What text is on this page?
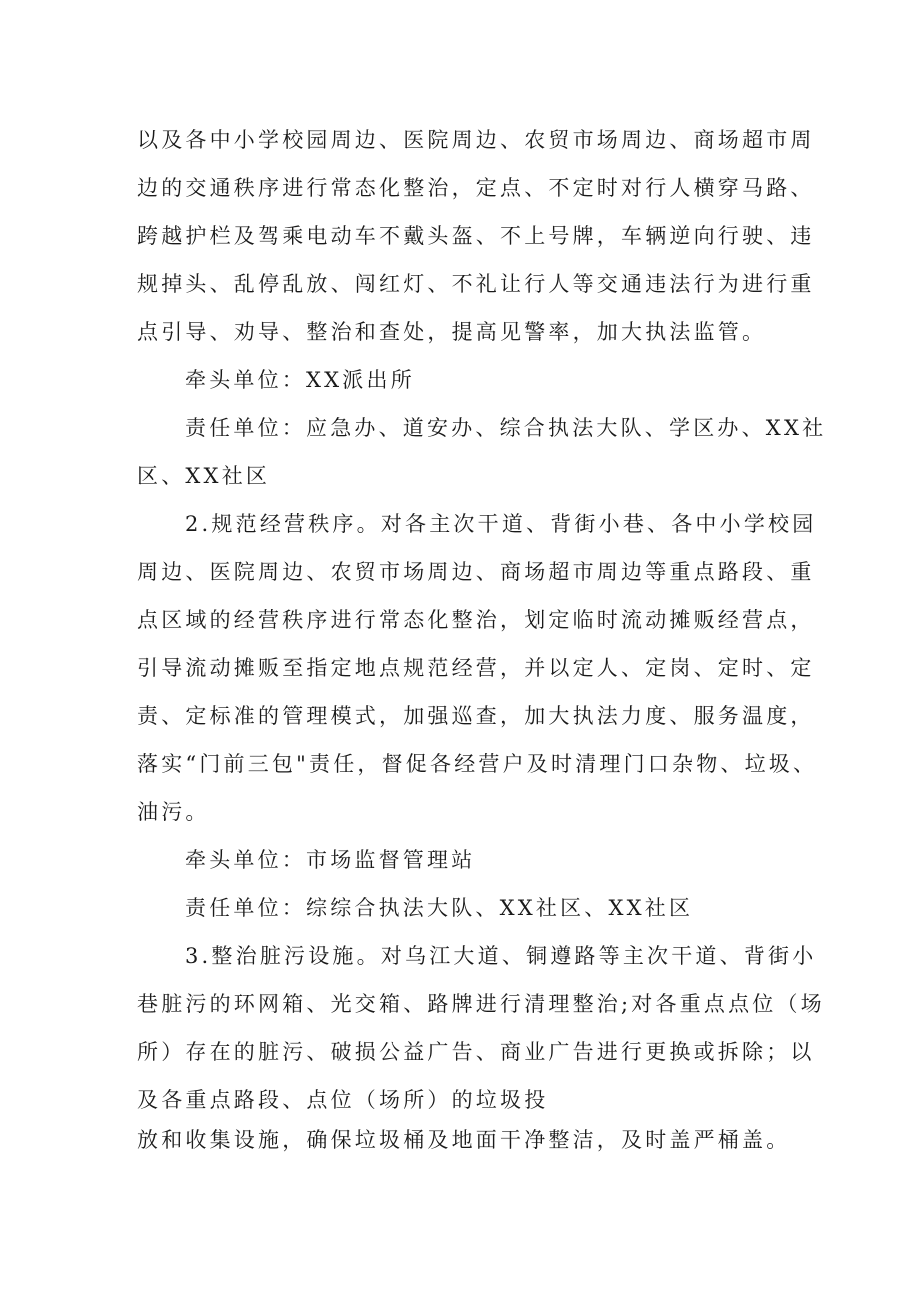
以及各中小学校园周边、医院周边、农贸市场周边、商场超市周
边的交通秩序进行常态化整治，定点、不定时对行人横穿马路、
跨越护栏及驾乘电动车不戴头盔、不上号牌，车辆逆向行驶、违
规掉头、乱停乱放、闯红灯、不礼让行人等交通违法行为进行重
点引导、劝导、整治和查处，提高见警率，加大执法监管。
牵头单位：XX派出所
责任单位：应急办、道安办、综合执法大队、学区办、XX社
区、XX社区
2.规范经营秩序。对各主次干道、背街小巷、各中小学校园
周边、医院周边、农贸市场周边、商场超市周边等重点路段、重
点区域的经营秩序进行常态化整治，划定临时流动摊贩经营点，
引导流动摊贩至指定地点规范经营，并以定人、定岗、定时、定
责、定标准的管理模式，加强巡查，加大执法力度、服务温度，
落实“门前三包"责任，督促各经营户及时清理门口杂物、垃圾、
油污。
牵头单位：市场监督管理站
责任单位：综综合执法大队、XX社区、XX社区
3.整治脏污设施。对乌江大道、铜遵路等主次干道、背街小
巷脏污的环网箱、光交箱、路牌进行清理整治;对各重点点位（场
所）存在的脏污、破损公益广告、商业广告进行更换或拆除；以
及各重点路段、点位（场所）的垃圾投
放和收集设施，确保垃圾桶及地面干净整洁，及时盖严桶盖。
